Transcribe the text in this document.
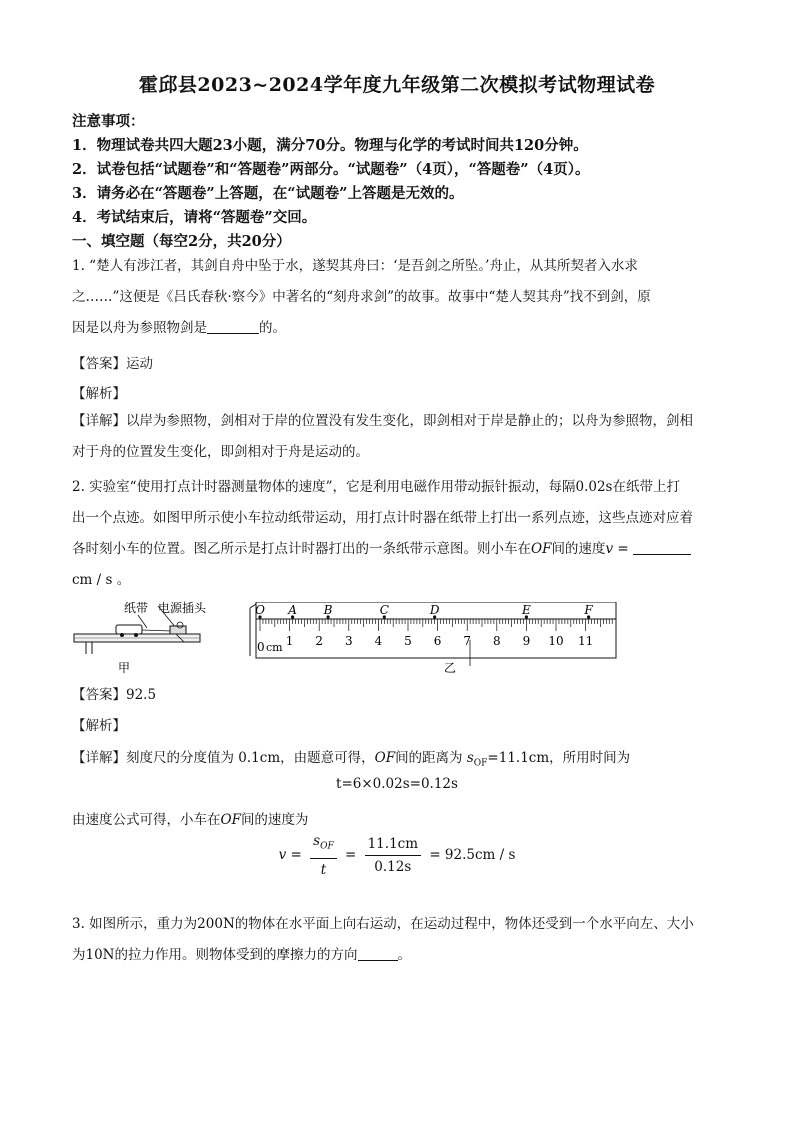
霍邱县2023~2024学年度九年级第二次模拟考试物理试卷
注意事项：
1．物理试卷共四大题23小题，满分70分。物理与化学的考试时间共120分钟。
2．试卷包括“试题卷”和“答题卷”两部分。“试题卷”（4页），“答题卷”（4页）。
3．请务必在“答题卷”上答题，在“试题卷”上答题是无效的。
4．考试结束后，请将“答题卷”交回。
一、填空题（每空2分，共20分）
1. “楚人有涉江者，其剑自舟中坠于水，遂契其舟曰：‘是吾剑之所坠。’舟止，从其所契者入水求
之……”这便是《吕氏春秋·察今》中著名的“刻舟求剑”的故事。故事中“楚人契其舟”找不到剑，原
因是以舟为参照物剑是	的。
【答案】运动
【解析】
【详解】以岸为参照物，剑相对于岸的位置没有发生变化，即剑相对于岸是静止的；以舟为参照物，剑相
对于舟的位置发生变化，即剑相对于舟是运动的。
2. 实验室“使用打点计时器测量物体的速度”，它是利用电磁作用带动振针振动，每隔0.02s在纸带上打
出一个点迹。如图甲所示使小车拉动纸带运动，用打点计时器在纸带上打出一系列点迹，这些点迹对应着
各时刻小车的位置。图乙所示是打点计时器打出的一条纸带示意图。则小车在OF间的速度v =
cm / s 。
纸带 电源插头
甲
O A B	C	D	E	F
1 2 3 4 5 6 7 8 9 10 11
0 cm
乙
【答案】92.5
【解析】
【详解】刻度尺的分度值为 0.1cm，由题意可得，OF间的距离为 $s_{OF}=11.1cm$，所用时间为
t=6×0.02s=0.12s
由速度公式可得，小车在OF间的速度为
$v = \frac{s_{OF}}{t} = \frac{11.1cm}{0.12s} = 92.5cm / s$
3. 如图所示，重力为200N的物体在水平面上向右运动，在运动过程中，物体还受到一个水平向左、大小
为10N的拉力作用。则物体受到的摩擦力的方向	。
